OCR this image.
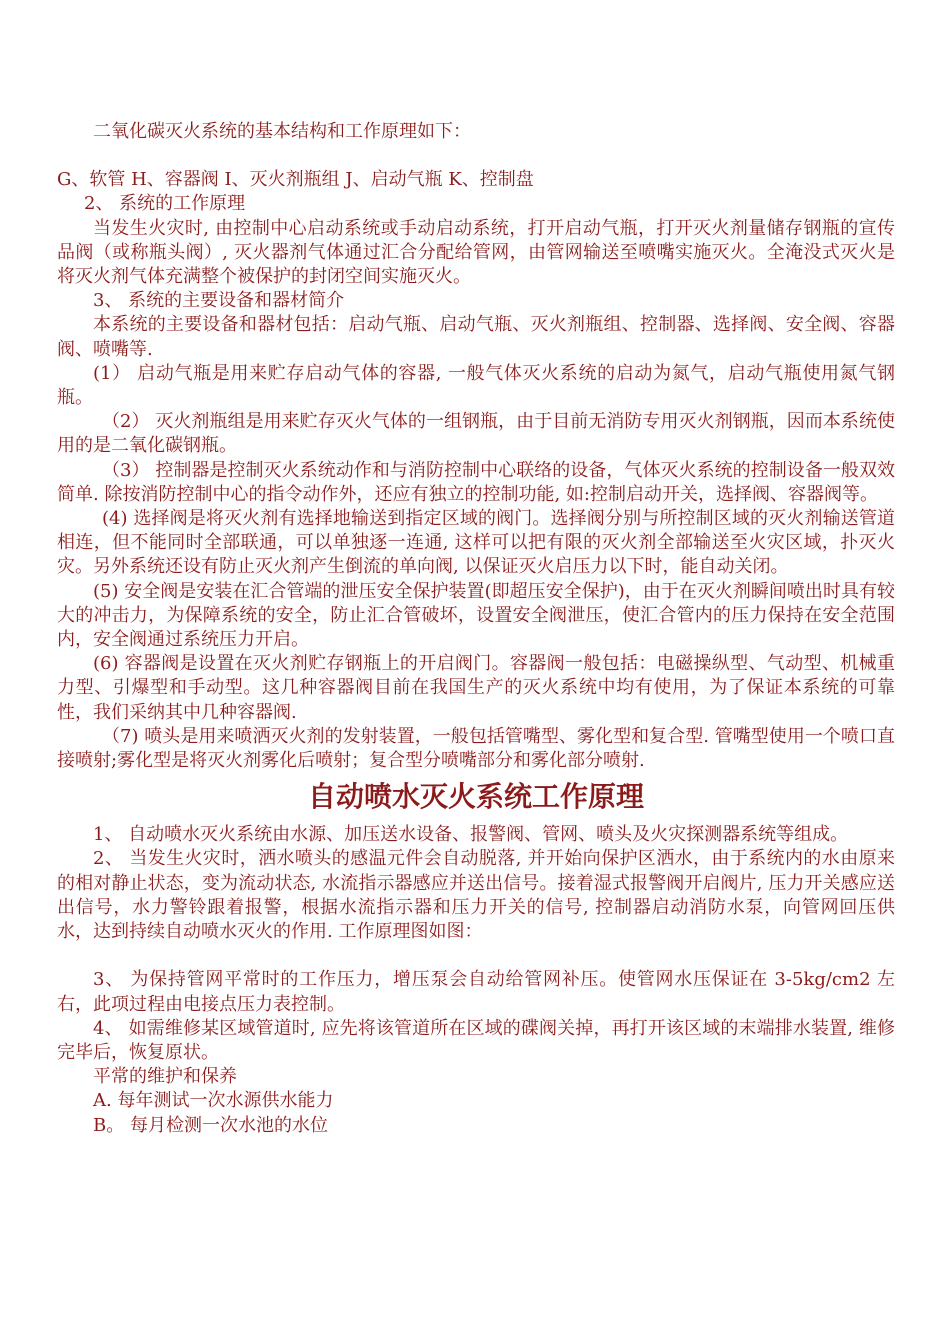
二氧化碳灭火系统的基本结构和工作原理如下：

G、软管 H、容器阀 I、灭火剂瓶组 J、启动气瓶 K、控制盘

2、 系统的工作原理

当发生火灾时, 由控制中心启动系统或手动启动系统，打开启动气瓶，打开灭火剂量储存钢瓶的宣传品阀（或称瓶头阀）, 灭火器剂气体通过汇合分配给管网，由管网输送至喷嘴实施灭火。全淹没式灭火是将灭火剂气体充满整个被保护的封闭空间实施灭火。

3、 系统的主要设备和器材简介

本系统的主要设备和器材包括：启动气瓶、启动气瓶、灭火剂瓶组、控制器、选择阀、安全阀、容器阀、喷嘴等.

(1） 启动气瓶是用来贮存启动气体的容器, 一般气体灭火系统的启动为氮气，启动气瓶使用氮气钢瓶。

（2） 灭火剂瓶组是用来贮存灭火气体的一组钢瓶，由于目前无消防专用灭火剂钢瓶，因而本系统使用的是二氧化碳钢瓶。

（3） 控制器是控制灭火系统动作和与消防控制中心联络的设备，气体灭火系统的控制设备一般双效简单. 除按消防控制中心的指令动作外，还应有独立的控制功能, 如:控制启动开关，选择阀、容器阀等。

(4) 选择阀是将灭火剂有选择地输送到指定区域的阀门。选择阀分别与所控制区域的灭火剂输送管道相连，但不能同时全部联通，可以单独逐一连通, 这样可以把有限的灭火剂全部输送至火灾区域，扑灭火灾。另外系统还设有防止灭火剂产生倒流的单向阀, 以保证灭火启压力以下时，能自动关闭。

(5) 安全阀是安装在汇合管端的泄压安全保护装置(即超压安全保护)，由于在灭火剂瞬间喷出时具有较大的冲击力，为保障系统的安全，防止汇合管破坏，设置安全阀泄压，使汇合管内的压力保持在安全范围内，安全阀通过系统压力开启。

(6) 容器阀是设置在灭火剂贮存钢瓶上的开启阀门。容器阀一般包括：电磁操纵型、气动型、机械重力型、引爆型和手动型。这几种容器阀目前在我国生产的灭火系统中均有使用，为了保证本系统的可靠性，我们采纳其中几种容器阀.

（7) 喷头是用来喷洒灭火剂的发射装置，一般包括管嘴型、雾化型和复合型. 管嘴型使用一个喷口直接喷射;雾化型是将灭火剂雾化后喷射；复合型分喷嘴部分和雾化部分喷射.

自动喷水灭火系统工作原理

1、 自动喷水灭火系统由水源、加压送水设备、报警阀、管网、喷头及火灾探测器系统等组成。

2、 当发生火灾时，洒水喷头的感温元件会自动脱落, 并开始向保护区洒水，由于系统内的水由原来的相对静止状态，变为流动状态, 水流指示器感应并送出信号。接着湿式报警阀开启阀片, 压力开关感应送出信号，水力警铃跟着报警，根据水流指示器和压力开关的信号, 控制器启动消防水泵，向管网回压供水，达到持续自动喷水灭火的作用. 工作原理图如图：

3、 为保持管网平常时的工作压力，增压泵会自动给管网补压。使管网水压保证在 3-5kg/cm2 左右，此项过程由电接点压力表控制。

4、 如需维修某区域管道时, 应先将该管道所在区域的碟阀关掉，再打开该区域的末端排水装置, 维修完毕后，恢复原状。

平常的维护和保养

A. 每年测试一次水源供水能力

B。 每月检测一次水池的水位
